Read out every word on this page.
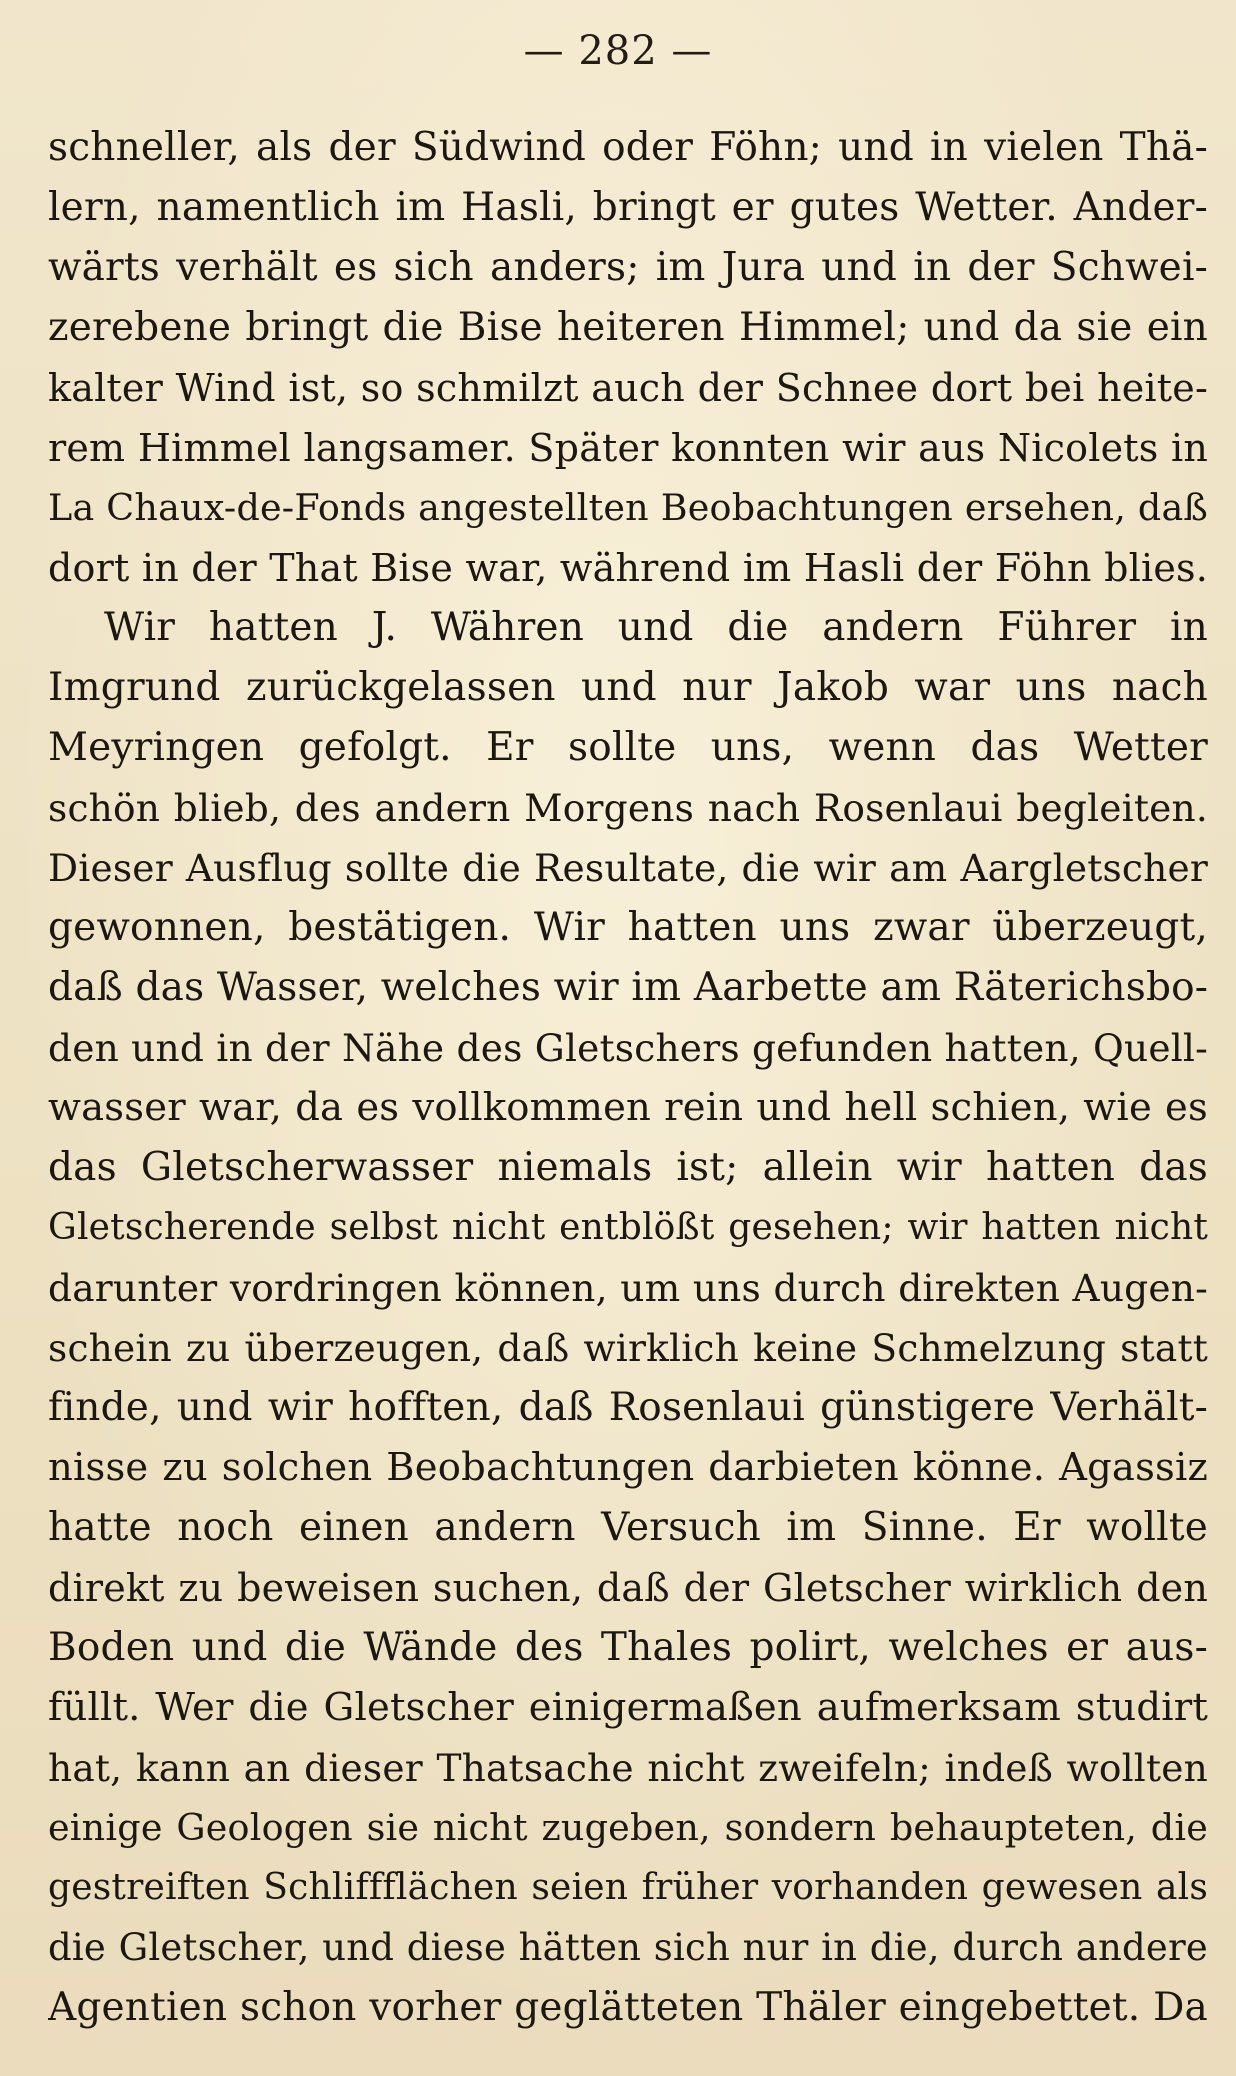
— 282 —
schneller, als der Südwind oder Föhn; und in vielen Thä-
lern, namentlich im Hasli, bringt er gutes Wetter. Ander-
wärts verhält es sich anders; im Jura und in der Schwei-
zerebene bringt die Bise heiteren Himmel; und da sie ein
kalter Wind ist, so schmilzt auch der Schnee dort bei heite-
rem Himmel langsamer. Später konnten wir aus Nicolets in
La Chaux-de-Fonds angestellten Beobachtungen ersehen, daß
dort in der That Bise war, während im Hasli der Föhn blies.
Wir hatten J. Währen und die andern Führer in
Imgrund zurückgelassen und nur Jakob war uns nach
Meyringen gefolgt. Er sollte uns, wenn das Wetter
schön blieb, des andern Morgens nach Rosenlaui begleiten.
Dieser Ausflug sollte die Resultate, die wir am Aargletscher
gewonnen, bestätigen. Wir hatten uns zwar überzeugt,
daß das Wasser, welches wir im Aarbette am Räterichsbo-
den und in der Nähe des Gletschers gefunden hatten, Quell-
wasser war, da es vollkommen rein und hell schien, wie es
das Gletscherwasser niemals ist; allein wir hatten das
Gletscherende selbst nicht entblößt gesehen; wir hatten nicht
darunter vordringen können, um uns durch direkten Augen-
schein zu überzeugen, daß wirklich keine Schmelzung statt
finde, und wir hofften, daß Rosenlaui günstigere Verhält-
nisse zu solchen Beobachtungen darbieten könne. Agassiz
hatte noch einen andern Versuch im Sinne. Er wollte
direkt zu beweisen suchen, daß der Gletscher wirklich den
Boden und die Wände des Thales polirt, welches er aus-
füllt. Wer die Gletscher einigermaßen aufmerksam studirt
hat, kann an dieser Thatsache nicht zweifeln; indeß wollten
einige Geologen sie nicht zugeben, sondern behaupteten, die
gestreiften Schliffflächen seien früher vorhanden gewesen als
die Gletscher, und diese hätten sich nur in die, durch andere
Agentien schon vorher geglätteten Thäler eingebettet. Da
